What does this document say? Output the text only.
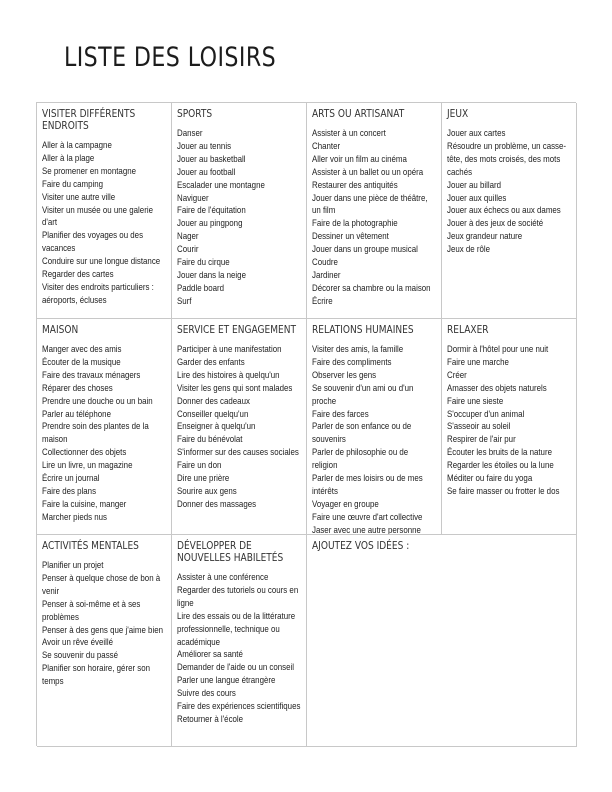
LISTE DES LOISIRS
VISITER DIFFÉRENTS ENDROITS
Aller à la campagne
Aller à la plage
Se promener en montagne
Faire du camping
Visiter une autre ville
Visiter un musée ou une galerie d'art
Planifier des voyages ou des vacances
Conduire sur une longue distance
Regarder des cartes
Visiter des endroits particuliers : aéroports, écluses
SPORTS
Danser
Jouer au tennis
Jouer au basketball
Jouer au football
Escalader une montagne
Naviguer
Faire de l'équitation
Jouer au pingpong
Nager
Courir
Faire du cirque
Jouer dans la neige
Paddle board
Surf
ARTS OU ARTISANAT
Assister à un concert
Chanter
Aller voir un film au cinéma
Assister à un ballet ou un opéra
Restaurer des antiquités
Jouer dans une pièce de théâtre, un film
Faire de la photographie
Dessiner un vêtement
Jouer dans un groupe musical
Coudre
Jardiner
Décorer sa chambre ou la maison
Écrire
JEUX
Jouer aux cartes
Résoudre un problème, un casse-tête, des mots croisés, des mots cachés
Jouer au billard
Jouer aux quilles
Jouer aux échecs ou aux dames
Jouer à des jeux de société
Jeux grandeur nature
Jeux de rôle
MAISON
Manger avec des amis
Écouter de la musique
Faire des travaux ménagers
Réparer des choses
Prendre une douche ou un bain
Parler au téléphone
Prendre soin des plantes de la maison
Collectionner des objets
Lire un livre, un magazine
Écrire un journal
Faire des plans
Faire la cuisine, manger
Marcher pieds nus
SERVICE ET ENGAGEMENT
Participer à une manifestation
Garder des enfants
Lire des histoires à quelqu'un
Visiter les gens qui sont malades
Donner des cadeaux
Conseiller quelqu'un
Enseigner à quelqu'un
Faire du bénévolat
S'informer sur des causes sociales
Faire un don
Dire une prière
Sourire aux gens
Donner des massages
RELATIONS HUMAINES
Visiter des amis, la famille
Faire des compliments
Observer les gens
Se souvenir d'un ami ou d'un proche
Faire des farces
Parler de son enfance ou de souvenirs
Parler de philosophie ou de religion
Parler de mes loisirs ou de mes intérêts
Voyager en groupe
Faire une œuvre d'art collective
Jaser avec une autre personne
RELAXER
Dormir à l'hôtel pour une nuit
Faire une marche
Créer
Amasser des objets naturels
Faire une sieste
S'occuper d'un animal
S'asseoir au soleil
Respirer de l'air pur
Écouter les bruits de la nature
Regarder les étoiles ou la lune
Méditer ou faire du yoga
Se faire masser ou frotter le dos
ACTIVITÉS MENTALES
Planifier un projet
Penser à quelque chose de bon à venir
Penser à soi-même et à ses problèmes
Penser à des gens que j'aime bien
Avoir un rêve éveillé
Se souvenir du passé
Planifier son horaire, gérer son temps
DÉVELOPPER DE NOUVELLES HABILETÉS
Assister à une conférence
Regarder des tutoriels ou cours en ligne
Lire des essais ou de la littérature professionnelle, technique ou académique
Améliorer sa santé
Demander de l'aide ou un conseil
Parler une langue étrangère
Suivre des cours
Faire des expériences scientifiques
Retourner à l'école
AJOUTEZ VOS IDÉES :
